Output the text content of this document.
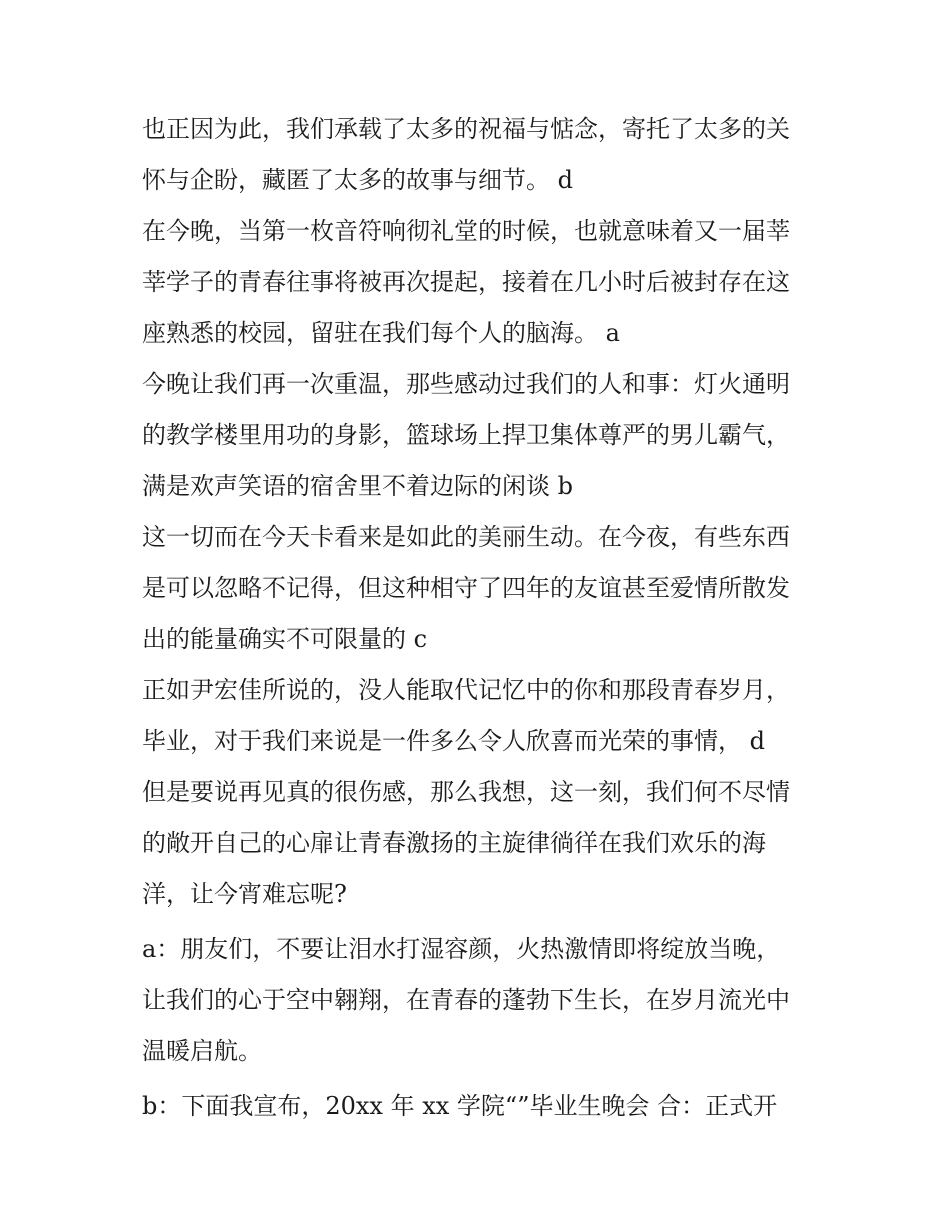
也正因为此，我们承载了太多的祝福与惦念，寄托了太多的关
怀与企盼，藏匿了太多的故事与细节。 d

在今晚，当第一枚音符响彻礼堂的时候，也就意味着又一届莘
莘学子的青春往事将被再次提起，接着在几小时后被封存在这
座熟悉的校园，留驻在我们每个人的脑海。 a

今晚让我们再一次重温，那些感动过我们的人和事：灯火通明
的教学楼里用功的身影，篮球场上捍卫集体尊严的男儿霸气，
满是欢声笑语的宿舍里不着边际的闲谈 b

这一切而在今天卡看来是如此的美丽生动。在今夜，有些东西
是可以忽略不记得，但这种相守了四年的友谊甚至爱情所散发
出的能量确实不可限量的 c

正如尹宏佳所说的，没人能取代记忆中的你和那段青春岁月，
毕业，对于我们来说是一件多么令人欣喜而光荣的事情， d

但是要说再见真的很伤感，那么我想，这一刻，我们何不尽情
的敞开自己的心扉让青春激扬的主旋律徜徉在我们欢乐的海
洋，让今宵难忘呢?

a：朋友们，不要让泪水打湿容颜，火热激情即将绽放当晚，
让我们的心于空中翱翔，在青春的蓬勃下生长，在岁月流光中
温暖启航。

b：下面我宣布，20xx 年 xx 学院“”毕业生晚会 合：正式开
